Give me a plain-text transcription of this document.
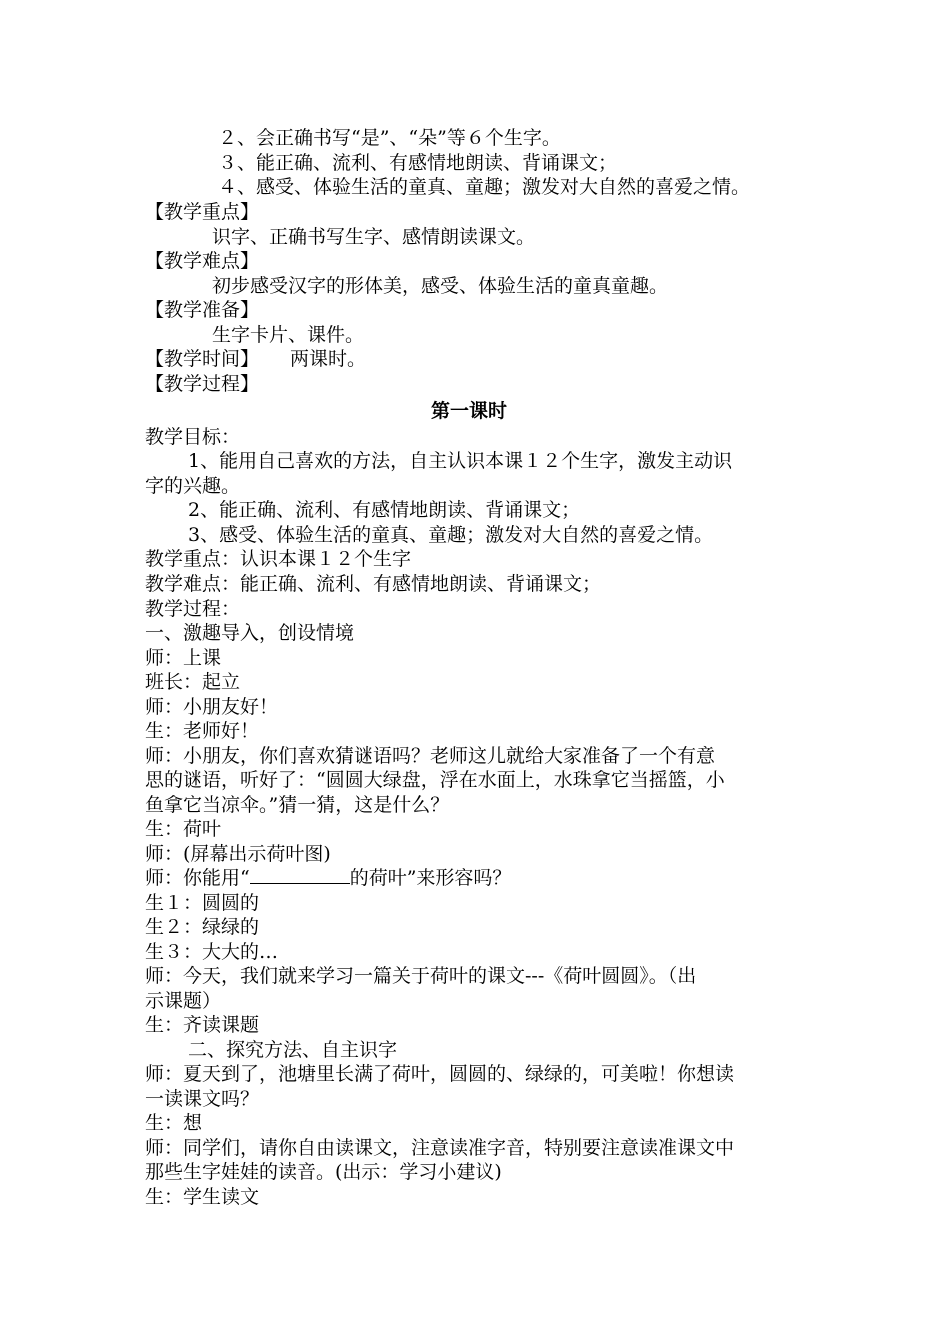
２、会正确书写“是”、“朵”等６个生字。
３、能正确、流利、有感情地朗读、背诵课文；
４、感受、体验生活的童真、童趣；激发对大自然的喜爱之情。
【教学重点】
识字、正确书写生字、感情朗读课文。
【教学难点】
初步感受汉字的形体美，感受、体验生活的童真童趣。
【教学准备】
生字卡片、课件。
【教学时间】 两课时。
【教学过程】
第一课时
教学目标：
1、能用自己喜欢的方法，自主认识本课１２个生字，激发主动识
字的兴趣。
2、能正确、流利、有感情地朗读、背诵课文；
3、感受、体验生活的童真、童趣；激发对大自然的喜爱之情。
教学重点：认识本课１２个生字
教学难点：能正确、流利、有感情地朗读、背诵课文；
教学过程：
一、激趣导入，创设情境
师：上课
班长：起立
师：小朋友好！
生：老师好！
师：小朋友，你们喜欢猜谜语吗？老师这儿就给大家准备了一个有意
思的谜语，听好了：“圆圆大绿盘，浮在水面上，水珠拿它当摇篮，小
鱼拿它当凉伞。”猜一猜，这是什么？
生：荷叶
师：(屏幕出示荷叶图)
师：你能用“	的荷叶”来形容吗？
生１：圆圆的
生２：绿绿的
生３：大大的…
师：今天，我们就来学习一篇关于荷叶的课文---《荷叶圆圆》。（出
示课题）
生：齐读课题
二、探究方法、自主识字
师：夏天到了，池塘里长满了荷叶，圆圆的、绿绿的，可美啦！你想读
一读课文吗？
生：想
师：同学们，请你自由读课文，注意读准字音，特别要注意读准课文中
那些生字娃娃的读音。(出示：学习小建议)
生：学生读文
